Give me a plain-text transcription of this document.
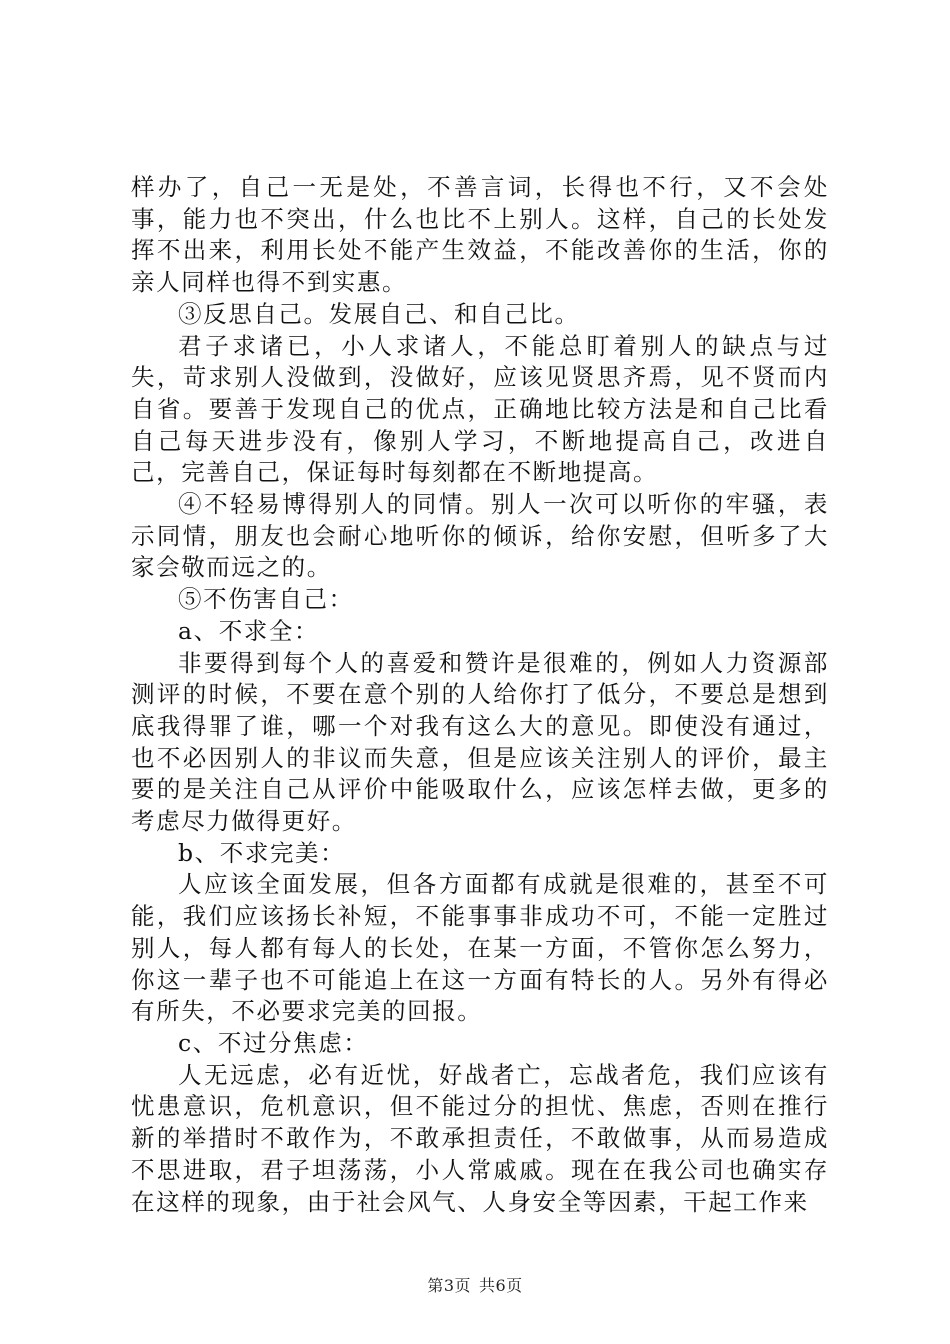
样办了，自己一无是处，不善言词，长得也不行，又不会处事，能力也不突出，什么也比不上别人。这样，自己的长处发挥不出来，利用长处不能产生效益，不能改善你的生活，你的亲人同样也得不到实惠。

③反思自己。发展自己、和自己比。

君子求诸已，小人求诸人，不能总盯着别人的缺点与过失，苛求别人没做到，没做好，应该见贤思齐焉，见不贤而内自省。要善于发现自己的优点，正确地比较方法是和自己比看自己每天进步没有，像别人学习，不断地提高自己，改进自己，完善自己，保证每时每刻都在不断地提高。

④不轻易博得别人的同情。别人一次可以听你的牢骚，表示同情，朋友也会耐心地听你的倾诉，给你安慰，但听多了大家会敬而远之的。

⑤不伤害自己：

a、不求全：

非要得到每个人的喜爱和赞许是很难的，例如人力资源部测评的时候，不要在意个别的人给你打了低分，不要总是想到底我得罪了谁，哪一个对我有这么大的意见。即使没有通过，也不必因别人的非议而失意，但是应该关注别人的评价，最主要的是关注自己从评价中能吸取什么，应该怎样去做，更多的考虑尽力做得更好。

b、不求完美：

人应该全面发展，但各方面都有成就是很难的，甚至不可能，我们应该扬长补短，不能事事非成功不可，不能一定胜过别人，每人都有每人的长处，在某一方面，不管你怎么努力，你这一辈子也不可能追上在这一方面有特长的人。另外有得必有所失，不必要求完美的回报。

c、不过分焦虑：

人无远虑，必有近忧，好战者亡，忘战者危，我们应该有忧患意识，危机意识，但不能过分的担忧、焦虑，否则在推行新的举措时不敢作为，不敢承担责任，不敢做事，从而易造成不思进取，君子坦荡荡，小人常戚戚。现在在我公司也确实存在这样的现象，由于社会风气、人身安全等因素，干起工作来

第3页 共6页
